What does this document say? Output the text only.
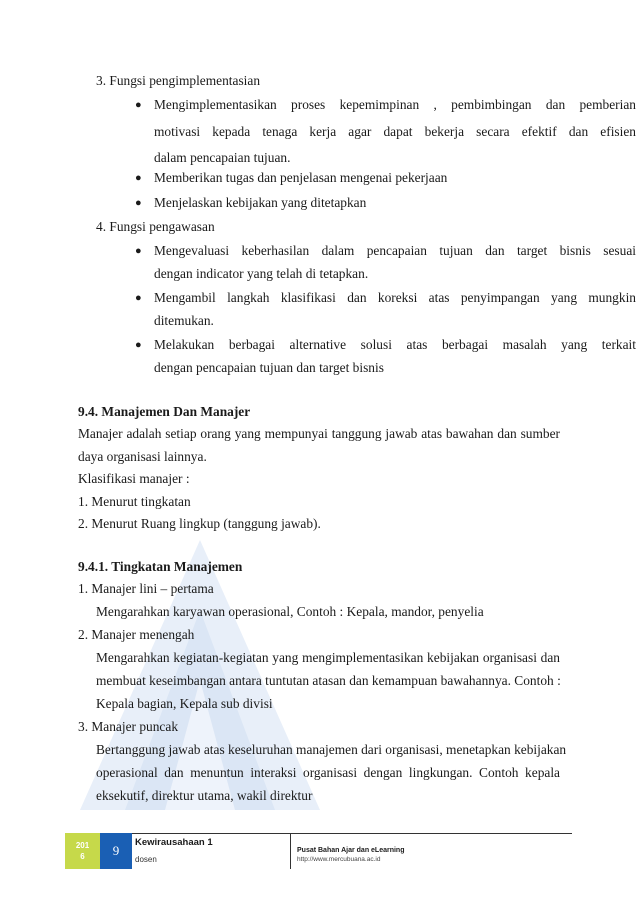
3. Fungsi pengimplementasian
● Mengimplementasikan proses kepemimpinan , pembimbingan dan pemberian
motivasi kepada tenaga kerja agar dapat bekerja secara efektif dan efisien
dalam pencapaian tujuan.
● Memberikan tugas dan penjelasan mengenai pekerjaan
● Menjelaskan kebijakan yang ditetapkan
4. Fungsi pengawasan
● Mengevaluasi keberhasilan dalam pencapaian tujuan dan target bisnis sesuai
dengan indicator yang telah di tetapkan.
● Mengambil langkah klasifikasi dan koreksi atas penyimpangan yang mungkin
ditemukan.
● Melakukan berbagai alternative solusi atas berbagai masalah yang terkait
dengan pencapaian tujuan dan target bisnis
9.4. Manajemen Dan Manajer
Manajer adalah setiap orang yang mempunyai tanggung jawab atas bawahan dan sumber
daya organisasi lainnya.
Klasifikasi manajer :
1. Menurut tingkatan
2. Menurut Ruang lingkup (tanggung jawab).
9.4.1. Tingkatan Manajemen
1. Manajer lini – pertama
Mengarahkan karyawan operasional, Contoh : Kepala, mandor, penyelia
2. Manajer menengah
Mengarahkan kegiatan-kegiatan yang mengimplementasikan kebijakan organisasi dan
membuat keseimbangan antara tuntutan atasan dan kemampuan bawahannya. Contoh :
Kepala bagian, Kepala sub divisi
3. Manajer puncak
Bertanggung jawab atas keseluruhan manajemen dari organisasi, menetapkan kebijakan
operasional dan menuntun interaksi organisasi dengan lingkungan. Contoh kepala
eksekutif, direktur utama, wakil direktur
201
6	9
Kewirausahaan 1
dosen
Pusat Bahan Ajar dan eLearning
http://www.mercubuana.ac.id
